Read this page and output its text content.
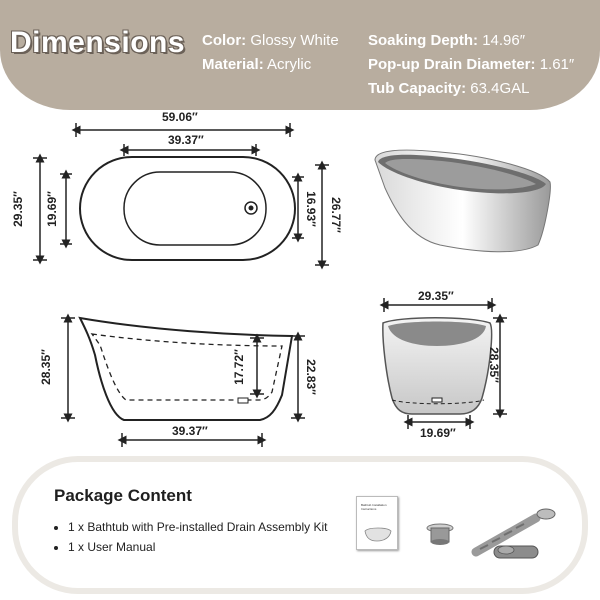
Dimensions Color: Glossy White
Material: Acrylic
Soaking Depth: 14.96″
Pop-up Drain Diameter: 1.61″
Tub Capacity: 63.4GAL
59.06″
39.37″
29.35″ 19.69″	16.93″ 26.77″
28.35″	17.72″	22.83″
39.37″
29.35″
28.35″
19.69″
Package Content
1 x Bathtub with Pre-installed Drain Assembly Kit
1 x User Manual
Bathtub Installation Instructions
